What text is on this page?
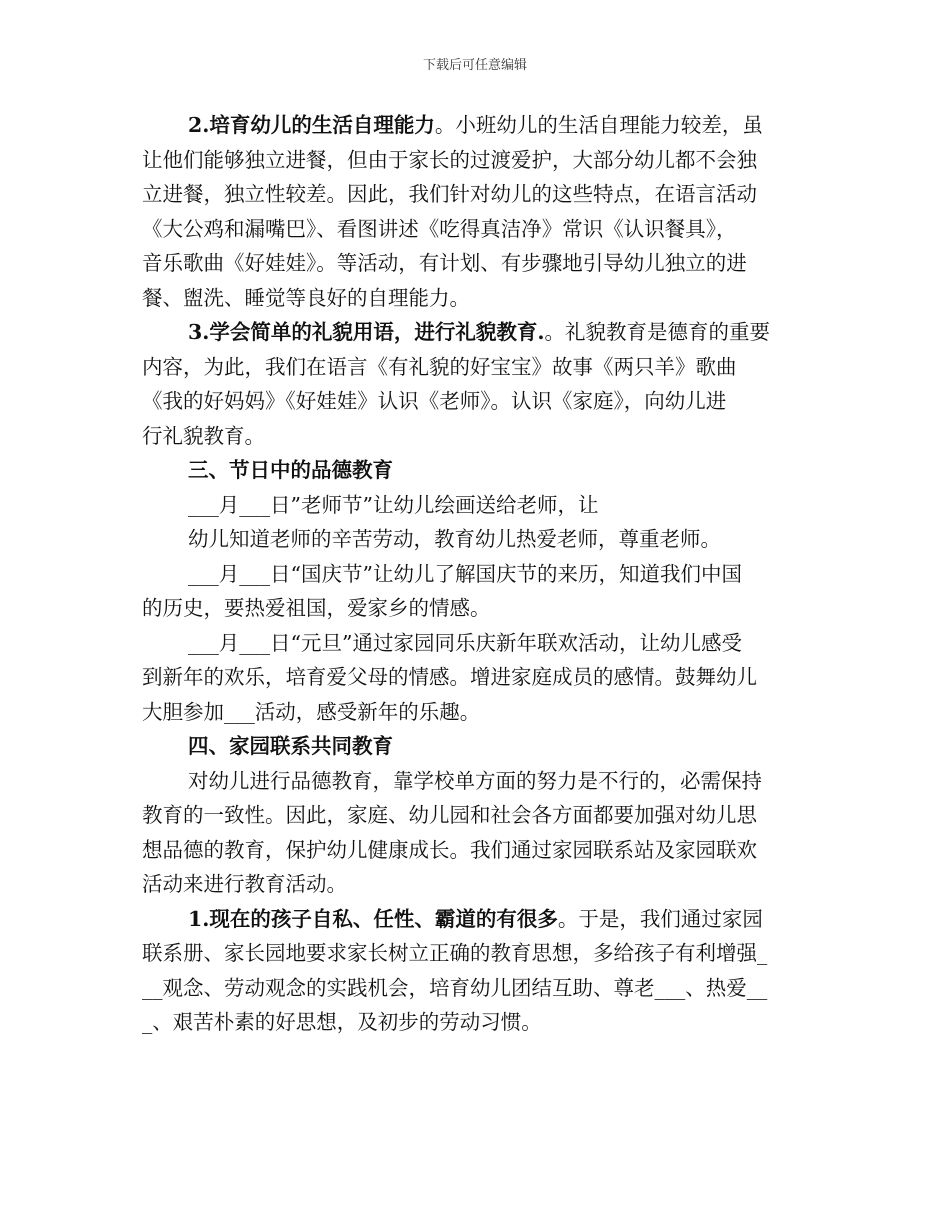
下载后可任意编辑

2.培育幼儿的生活自理能力。小班幼儿的生活自理能力较差，虽
让他们能够独立进餐，但由于家长的过渡爱护，大部分幼儿都不会独
立进餐，独立性较差。因此，我们针对幼儿的这些特点，在语言活动
《大公鸡和漏嘴巴》、看图讲述《吃得真洁净》常识《认识餐具》，
音乐歌曲《好娃娃》。等活动，有计划、有步骤地引导幼儿独立的进
餐、盥洗、睡觉等良好的自理能力。

3.学会简单的礼貌用语，进行礼貌教育.。礼貌教育是德育的重要
内容，为此，我们在语言《有礼貌的好宝宝》故事《两只羊》歌曲
《我的好妈妈》《好娃娃》认识《老师》。认识《家庭》，向幼儿进
行礼貌教育。

三、节日中的品德教育

___月___日”老师节”让幼儿绘画送给老师，让

幼儿知道老师的辛苦劳动，教育幼儿热爱老师，尊重老师。

___月___日“国庆节”让幼儿了解国庆节的来历，知道我们中国
的历史，要热爱祖国，爱家乡的情感。

___月___日“元旦”通过家园同乐庆新年联欢活动，让幼儿感受
到新年的欢乐，培育爱父母的情感。增进家庭成员的感情。鼓舞幼儿
大胆参加___活动，感受新年的乐趣。

四、家园联系共同教育

对幼儿进行品德教育，靠学校单方面的努力是不行的，必需保持
教育的一致性。因此，家庭、幼儿园和社会各方面都要加强对幼儿思
想品德的教育，保护幼儿健康成长。我们通过家园联系站及家园联欢
活动来进行教育活动。

1.现在的孩子自私、任性、霸道的有很多。于是，我们通过家园
联系册、家长园地要求家长树立正确的教育思想，多给孩子有利增强_
__观念、劳动观念的实践机会，培育幼儿团结互助、尊老___、热爱__
_、艰苦朴素的好思想，及初步的劳动习惯。
